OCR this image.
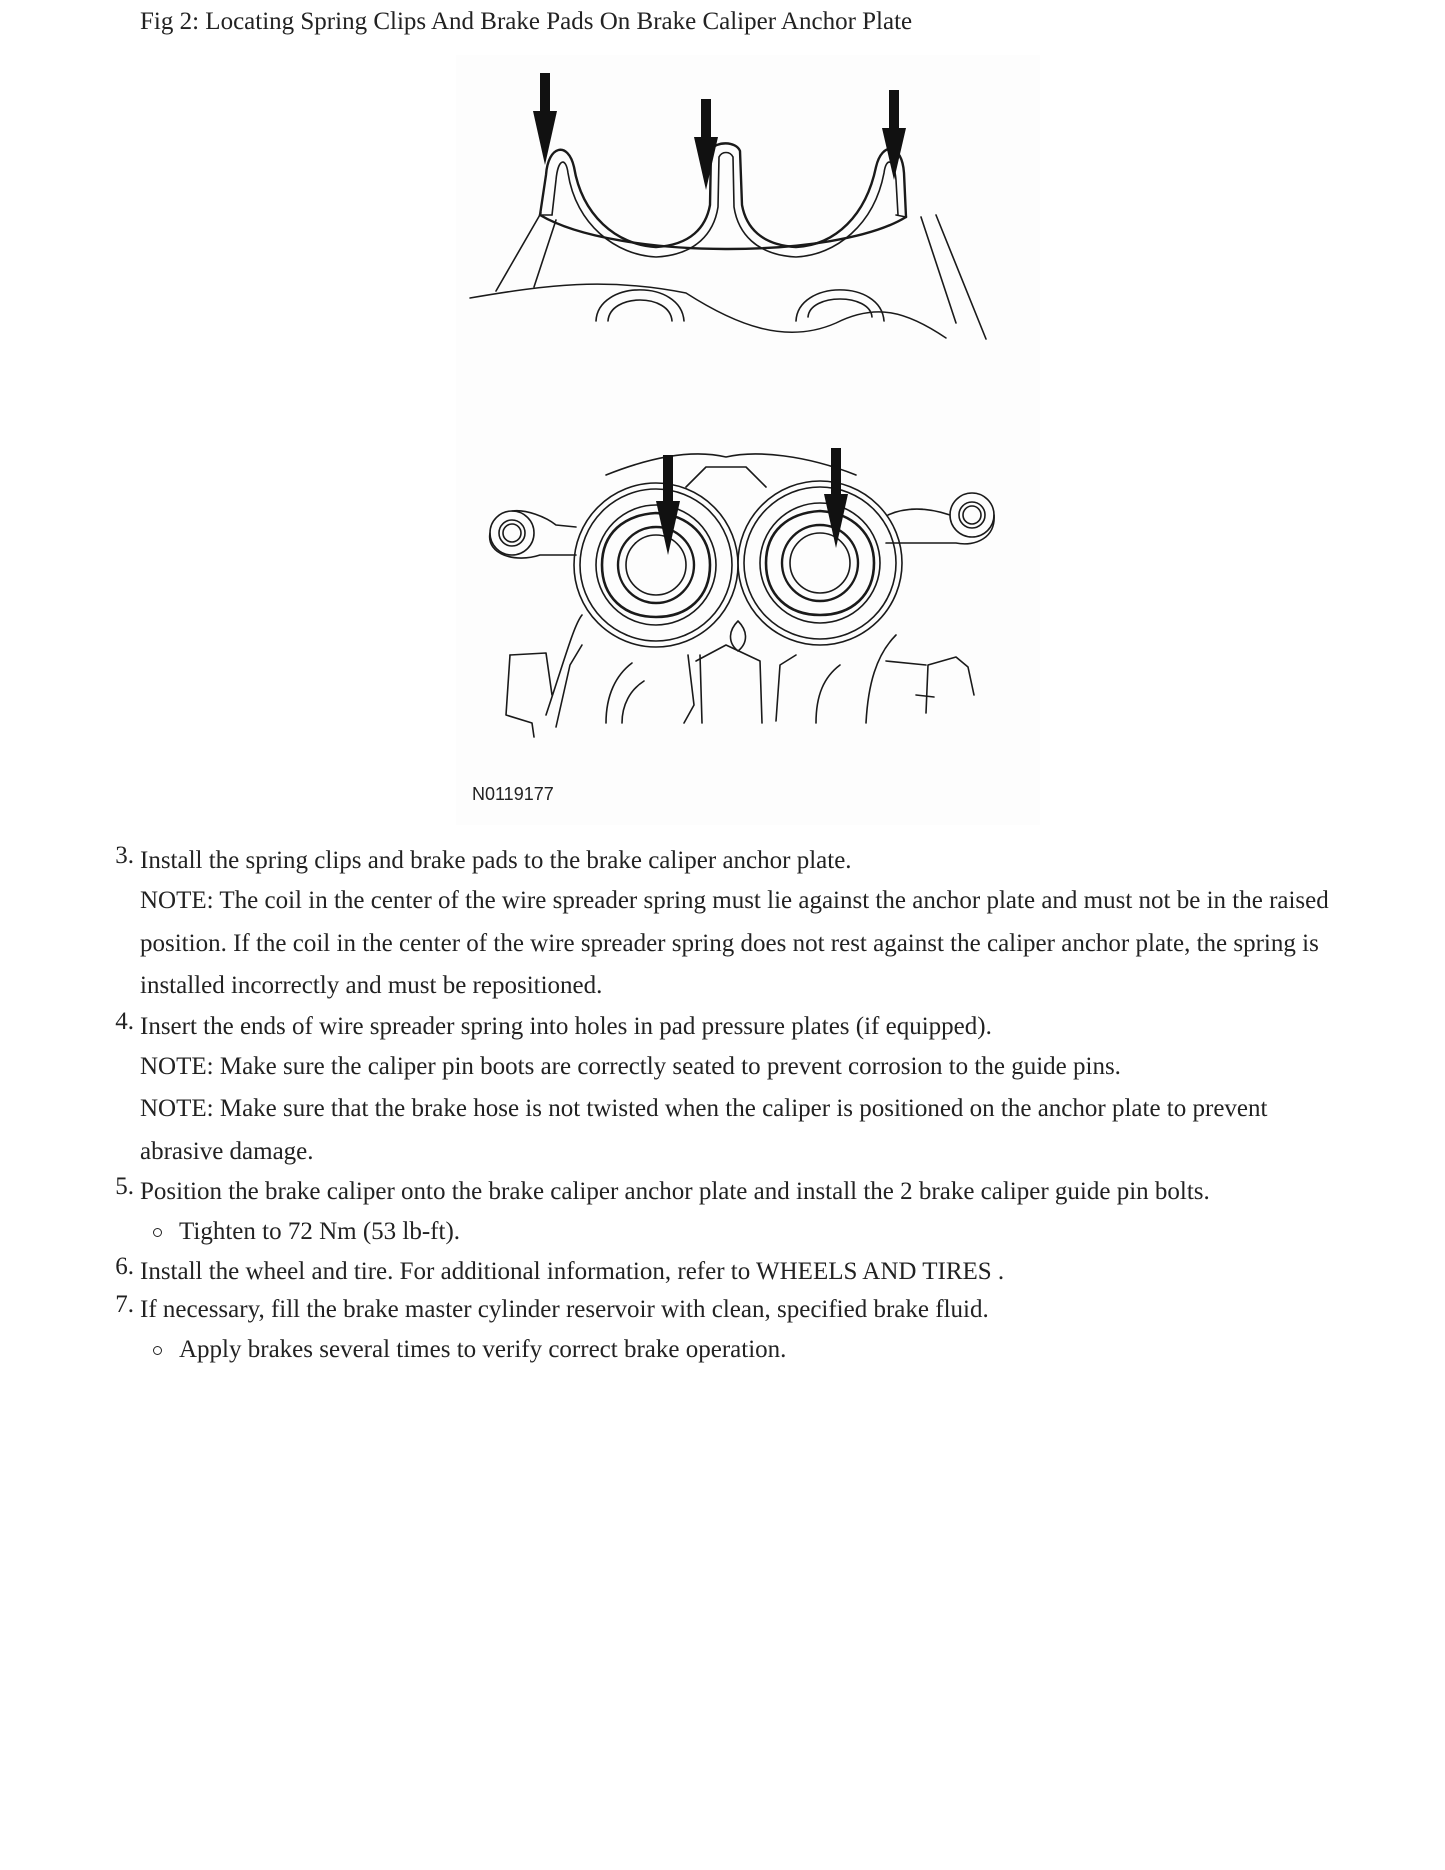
Fig 2: Locating Spring Clips And Brake Pads On Brake Caliper Anchor Plate
N0119177
3. Install the spring clips and brake pads to the brake caliper anchor plate.
NOTE: The coil in the center of the wire spreader spring must lie against the anchor plate and must not be in the raised position. If the coil in the center of the wire spreader spring does not rest against the caliper anchor plate, the spring is installed incorrectly and must be repositioned.
4. Insert the ends of wire spreader spring into holes in pad pressure plates (if equipped).
NOTE: Make sure the caliper pin boots are correctly seated to prevent corrosion to the guide pins.
NOTE: Make sure that the brake hose is not twisted when the caliper is positioned on the anchor plate to prevent abrasive damage.
5. Position the brake caliper onto the brake caliper anchor plate and install the 2 brake caliper guide pin bolts.
Tighten to 72 Nm (53 lb-ft).
6. Install the wheel and tire. For additional information, refer to WHEELS AND TIRES .
7. If necessary, fill the brake master cylinder reservoir with clean, specified brake fluid.
Apply brakes several times to verify correct brake operation.
